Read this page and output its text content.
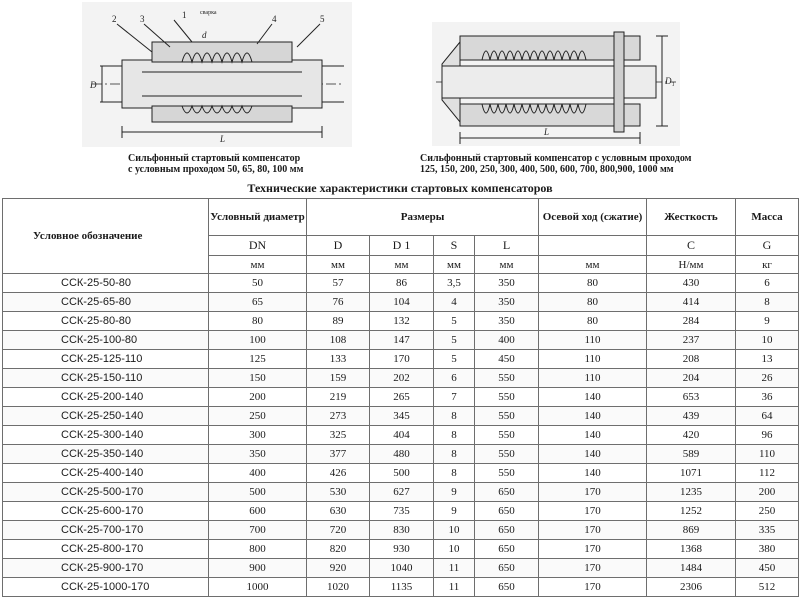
2	3	1	4	5
сварка
d
D
L
D₁
L
Сильфонный стартовый компенсатор
с условным проходом 50, 65, 80, 100 мм
Сильфонный стартовый компенсатор с условным проходом
125, 150, 200, 250, 300, 400, 500, 600, 700, 800,900, 1000 мм
Технические характеристики стартовых компенсаторов
Условное обозначение	Условный диаметр	Размеры				Осевой ход (сжатие)	Жесткость	Масса
	DN	D	D 1	S	L		C	G
	мм	мм	мм	мм	мм	мм	Н/мм	кг
ССК-25-50-80	50	57	86	3,5	350	80	430	6
ССК-25-65-80	65	76	104	4	350	80	414	8
ССК-25-80-80	80	89	132	5	350	80	284	9
ССК-25-100-80	100	108	147	5	400	110	237	10
ССК-25-125-110	125	133	170	5	450	110	208	13
ССК-25-150-110	150	159	202	6	550	110	204	26
ССК-25-200-140	200	219	265	7	550	140	653	36
ССК-25-250-140	250	273	345	8	550	140	439	64
ССК-25-300-140	300	325	404	8	550	140	420	96
ССК-25-350-140	350	377	480	8	550	140	589	110
ССК-25-400-140	400	426	500	8	550	140	1071	112
ССК-25-500-170	500	530	627	9	650	170	1235	200
ССК-25-600-170	600	630	735	9	650	170	1252	250
ССК-25-700-170	700	720	830	10	650	170	869	335
ССК-25-800-170	800	820	930	10	650	170	1368	380
ССК-25-900-170	900	920	1040	11	650	170	1484	450
ССК-25-1000-170	1000	1020	1135	11	650	170	2306	512
